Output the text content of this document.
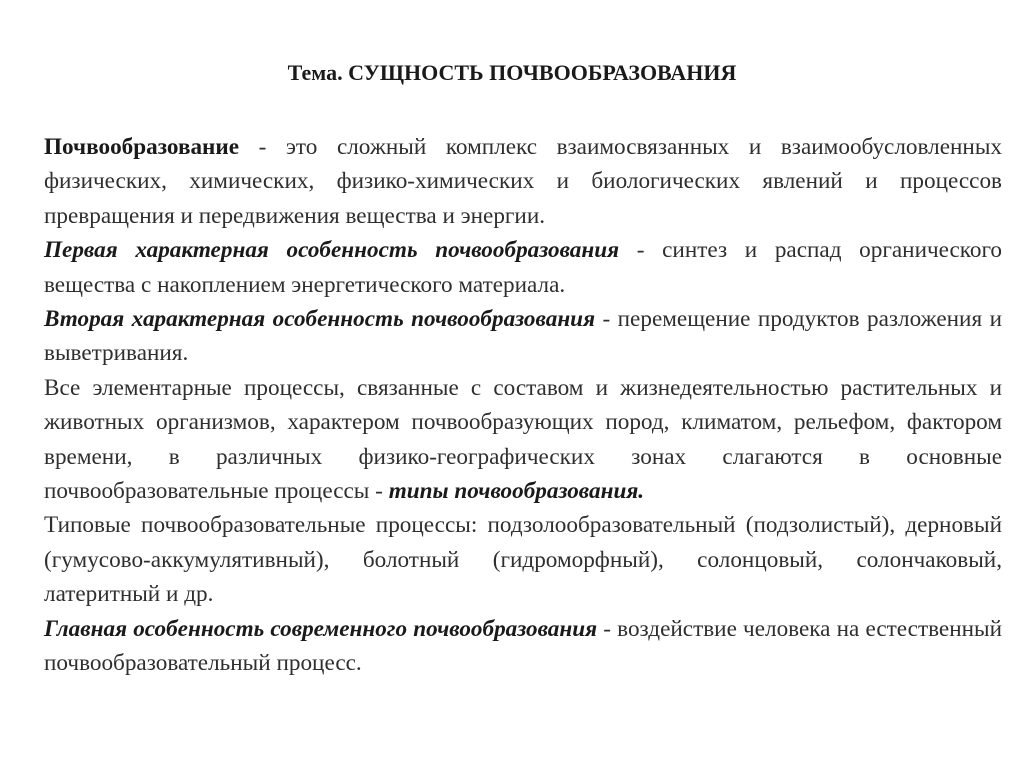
Тема. СУЩНОСТЬ ПОЧВООБРАЗОВАНИЯ

Почвообразование - это сложный комплекс взаимосвязанных и взаимообусловленных физических, химических, физико-химических и биологических явлений и процессов превращения и передвижения вещества и энергии.

Первая характерная особенность почвообразования - синтез и распад органического вещества с накоплением энергетического материала.

Вторая характерная особенность почвообразования - перемещение продуктов разложения и выветривания.

Все элементарные процессы, связанные с составом и жизнедеятельностью растительных и животных организмов, характером почвообразующих пород, климатом, рельефом, фактором времени, в различных физико-географических зонах слагаются в основные почвообразовательные процессы - типы почвообразования.

Типовые почвообразовательные процессы: подзолообразовательный (подзолистый), дерновый (гумусово-аккумулятивный), болотный (гидроморфный), солонцовый, солончаковый, латеритный и др.

Главная особенность современного почвообразования - воздействие человека на естественный почвообразовательный процесс.
